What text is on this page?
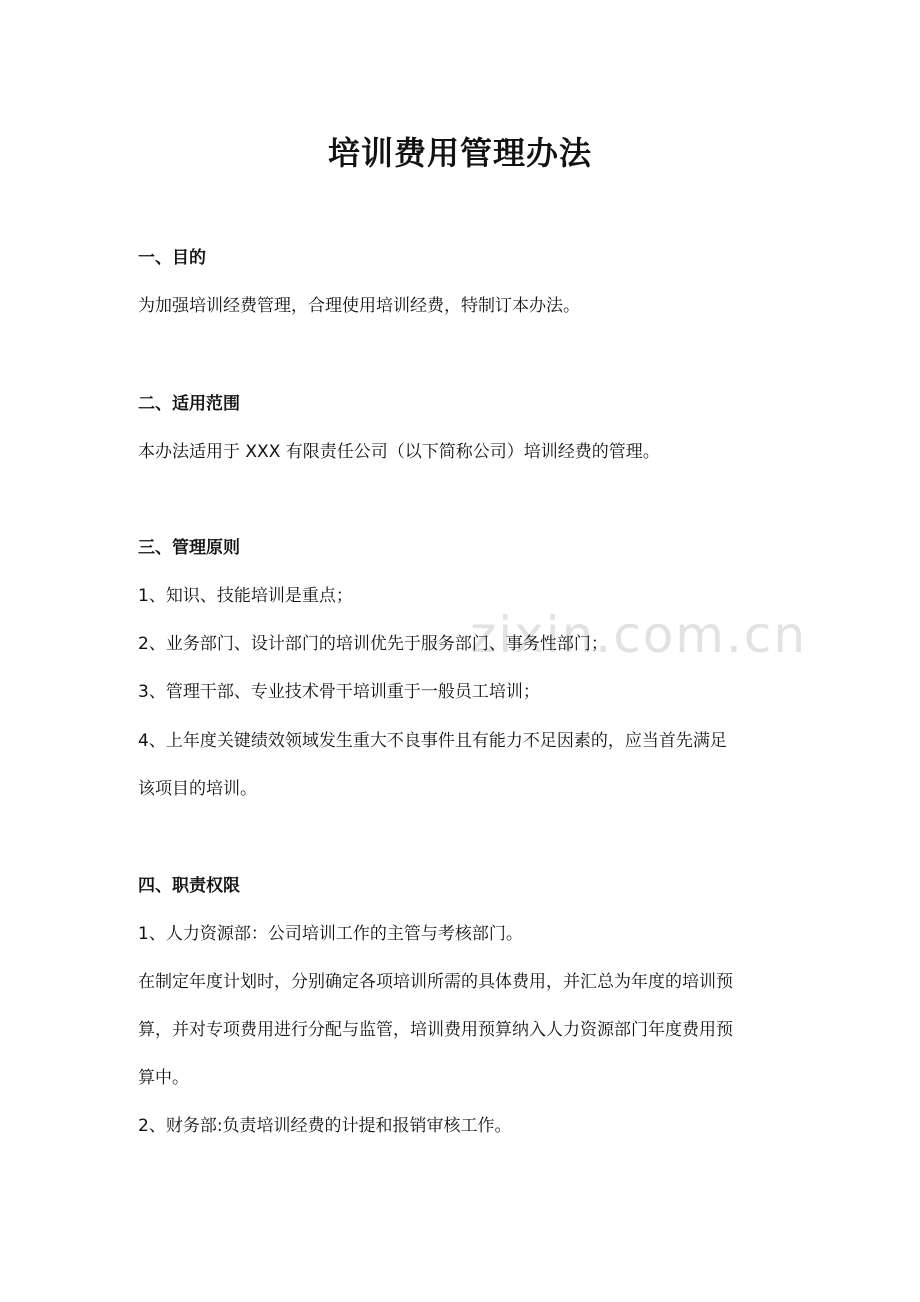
zixin.com.cn
培训费用管理办法

一、目的

为加强培训经费管理，合理使用培训经费，特制订本办法。

二、适用范围

本办法适用于 XXX 有限责任公司（以下简称公司）培训经费的管理。

三、管理原则

1、知识、技能培训是重点；

2、业务部门、设计部门的培训优先于服务部门、事务性部门；

3、管理干部、专业技术骨干培训重于一般员工培训；

4、上年度关键绩效领域发生重大不良事件且有能力不足因素的，应当首先满足

该项目的培训。

四、职责权限

1、人力资源部：公司培训工作的主管与考核部门。

在制定年度计划时，分别确定各项培训所需的具体费用，并汇总为年度的培训预

算，并对专项费用进行分配与监管，培训费用预算纳入人力资源部门年度费用预

算中。

2、财务部:负责培训经费的计提和报销审核工作。
